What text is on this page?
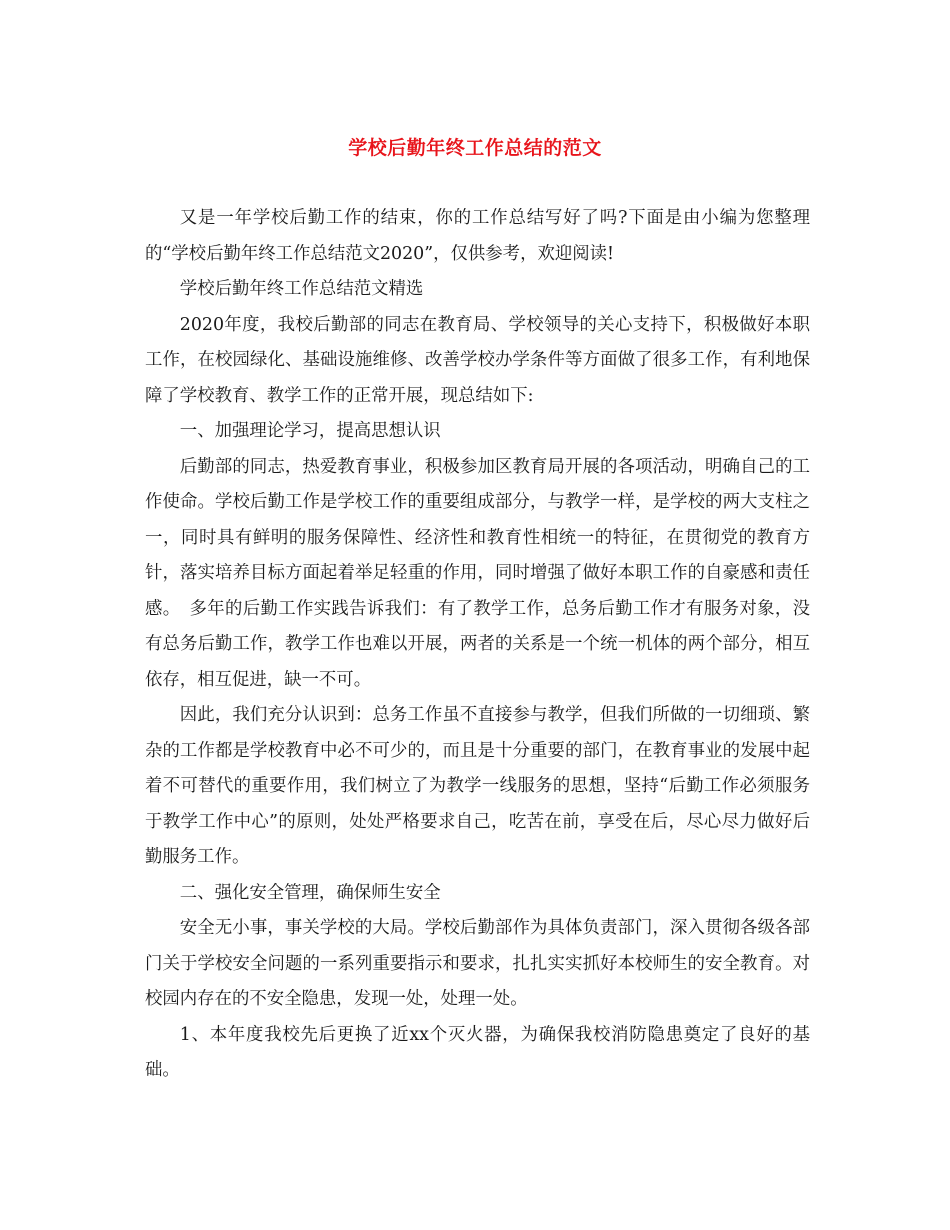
学校后勤年终工作总结的范文

又是一年学校后勤工作的结束，你的工作总结写好了吗?下面是由小编为您整理的“学校后勤年终工作总结范文2020”，仅供参考，欢迎阅读!

学校后勤年终工作总结范文精选

2020年度，我校后勤部的同志在教育局、学校领导的关心支持下，积极做好本职工作，在校园绿化、基础设施维修、改善学校办学条件等方面做了很多工作，有利地保障了学校教育、教学工作的正常开展，现总结如下:

一、加强理论学习，提高思想认识

后勤部的同志，热爱教育事业，积极参加区教育局开展的各项活动，明确自己的工作使命。学校后勤工作是学校工作的重要组成部分，与教学一样，是学校的两大支柱之一，同时具有鲜明的服务保障性、经济性和教育性相统一的特征，在贯彻党的教育方针，落实培养目标方面起着举足轻重的作用，同时增强了做好本职工作的自豪感和责任感。　多年的后勤工作实践告诉我们：有了教学工作，总务后勤工作才有服务对象，没有总务后勤工作，教学工作也难以开展，两者的关系是一个统一机体的两个部分，相互依存，相互促进，缺一不可。

因此，我们充分认识到：总务工作虽不直接参与教学，但我们所做的一切细琐、繁杂的工作都是学校教育中必不可少的，而且是十分重要的部门，在教育事业的发展中起着不可替代的重要作用，我们树立了为教学一线服务的思想，坚持“后勤工作必须服务于教学工作中心”的原则，处处严格要求自己，吃苦在前，享受在后，尽心尽力做好后勤服务工作。

二、强化安全管理，确保师生安全

安全无小事，事关学校的大局。学校后勤部作为具体负责部门，深入贯彻各级各部门关于学校安全问题的一系列重要指示和要求，扎扎实实抓好本校师生的安全教育。对校园内存在的不安全隐患，发现一处，处理一处。

1、本年度我校先后更换了近xx个灭火器，为确保我校消防隐患奠定了良好的基础。
